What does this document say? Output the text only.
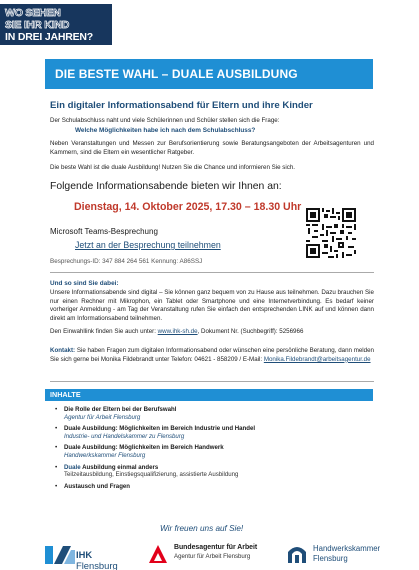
WO SEHEN
SIE IHR KIND
IN DREI JAHREN?
DIE BESTE WAHL – DUALE AUSBILDUNG
Ein digitaler Informationsabend für Eltern und ihre Kinder
Der Schulabschluss naht und viele Schülerinnen und Schüler stellen sich die Frage:
Welche Möglichkeiten habe ich nach dem Schulabschluss?
Neben Veranstaltungen und Messen zur Berufsorientierung sowie Beratungsangeboten der Arbeitsagenturen und Kammern, sind die Eltern ein wesentlicher Ratgeber.
Die beste Wahl ist die duale Ausbildung! Nutzen Sie die Chance und informieren Sie sich.
Folgende Informationsabende bieten wir Ihnen an:
Dienstag, 14. Oktober 2025, 17.30 – 18.30 Uhr
Microsoft Teams-Besprechung
Jetzt an der Besprechung teilnehmen
Besprechungs-ID: 347 884 264 561 Kennung: A86SSJ
Und so sind Sie dabei:
Unsere Informationsabende sind digital – Sie können ganz bequem von zu Hause aus teilnehmen. Dazu brauchen Sie nur einen Rechner mit Mikrophon, ein Tablet oder Smartphone und eine Internetverbindung. Es bedarf keiner vorheriger Anmeldung - am Tag der Veranstaltung rufen Sie einfach den entsprechenden LINK auf und können dann direkt am Informationsabend teilnehmen.
Den Einwahllink finden Sie auch unter: www.ihk-sh.de, Dokument Nr. (Suchbegriff): 5256966
Kontakt: Sie haben Fragen zum digitalen Informationsabend oder wünschen eine persönliche Beratung, dann melden Sie sich gerne bei Monika Fildebrandt unter Telefon: 04621 - 858209 / E-Mail: Monika.Fildebrandt@arbeitsagentur.de
INHALTE
• Die Rolle der Eltern bei der Berufswahl
Agentur für Arbeit Flensburg
• Duale Ausbildung: Möglichkeiten im Bereich Industrie und Handel
Industrie- und Handelskammer zu Flensburg
• Duale Ausbildung: Möglichkeiten im Bereich Handwerk
Handwerkskammer Flensburg
• Duale Ausbildung einmal anders
Teilzeitausbildung, Einstiegsqualifizierung, assistierte Ausbildung
• Austausch und Fragen
Wir freuen uns auf Sie!
IHK Flensburg
Bundesagentur für Arbeit
Agentur für Arbeit Flensburg
Handwerkskammer
Flensburg
